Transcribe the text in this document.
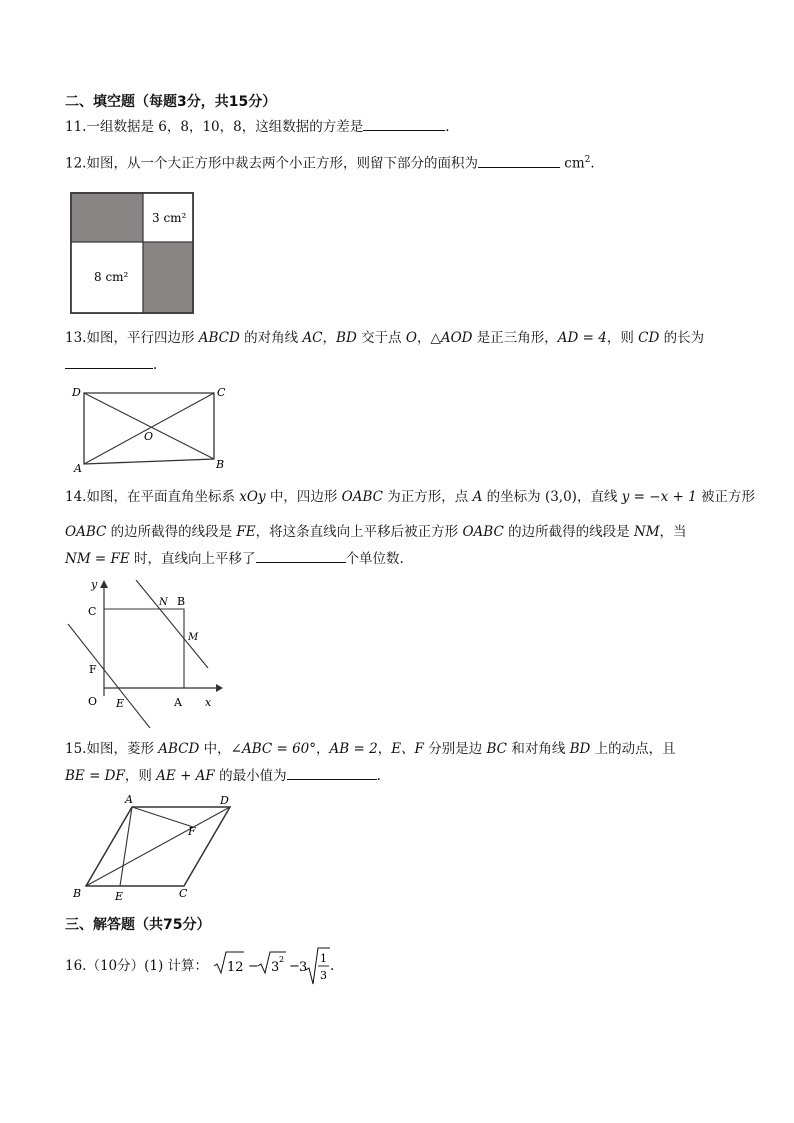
二、填空题（每题3分，共15分）
11.一组数据是 6，8，10，8，这组数据的方差是	.
12.如图，从一个大正方形中裁去两个小正方形，则留下部分的面积为	$cm^2$.
3 cm²
8 cm²
13.如图，平行四边形 ABCD 的对角线 AC，BD 交于点 O，△AOD 是正三角形，AD = 4，则 CD 的长为
.
D	C
A	B
O
14.如图，在平面直角坐标系 xOy 中，四边形 OABC 为正方形，点 A 的坐标为 (3,0)，直线 y = −x + 1 被正方形
OABC 的边所截得的线段是 FE，将这条直线向上平移后被正方形 OABC 的边所截得的线段是 NM，当
NM = FE 时，直线向上平移了	个单位数.
y
x
C
B
N
M
F
O E	A
15.如图，菱形 ABCD 中，∠ABC = 60°，AB = 2，E、F 分别是边 BC 和对角线 BD 上的动点，且
BE = DF，则 AE + AF 的最小值为	.
A	D
F
B	E	C
三、解答题（共75分）
16.（10分）(1) 计算： 12 − 3
2 − 3
1
3
.
